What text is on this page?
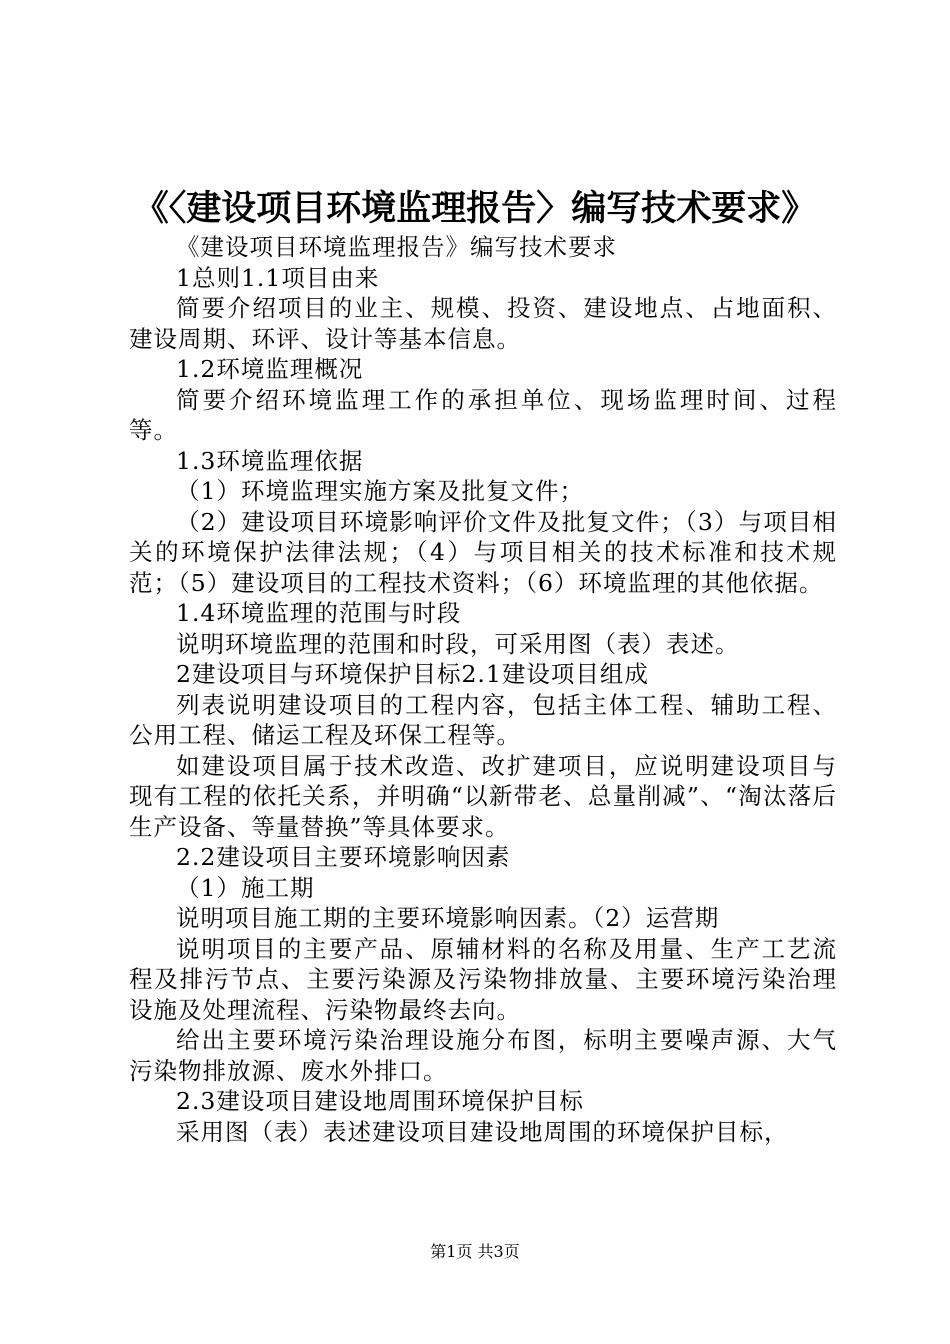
《〈建设项目环境监理报告〉编写技术要求》

《建设项目环境监理报告》编写技术要求

1总则1.1项目由来

简要介绍项目的业主、规模、投资、建设地点、占地面积、建设周期、环评、设计等基本信息。

1.2环境监理概况

简要介绍环境监理工作的承担单位、现场监理时间、过程等。

1.3环境监理依据

（1）环境监理实施方案及批复文件；

（2）建设项目环境影响评价文件及批复文件；（3）与项目相关的环境保护法律法规；（4）与项目相关的技术标准和技术规范；（5）建设项目的工程技术资料；（6）环境监理的其他依据。

1.4环境监理的范围与时段

说明环境监理的范围和时段，可采用图（表）表述。

2建设项目与环境保护目标2.1建设项目组成

列表说明建设项目的工程内容，包括主体工程、辅助工程、公用工程、储运工程及环保工程等。

如建设项目属于技术改造、改扩建项目，应说明建设项目与现有工程的依托关系，并明确“以新带老、总量削减”、“淘汰落后生产设备、等量替换”等具体要求。

2.2建设项目主要环境影响因素

（1）施工期

说明项目施工期的主要环境影响因素。（2）运营期

说明项目的主要产品、原辅材料的名称及用量、生产工艺流程及排污节点、主要污染源及污染物排放量、主要环境污染治理设施及处理流程、污染物最终去向。

给出主要环境污染治理设施分布图，标明主要噪声源、大气污染物排放源、废水外排口。

2.3建设项目建设地周围环境保护目标

采用图（表）表述建设项目建设地周围的环境保护目标，

第1页 共3页
